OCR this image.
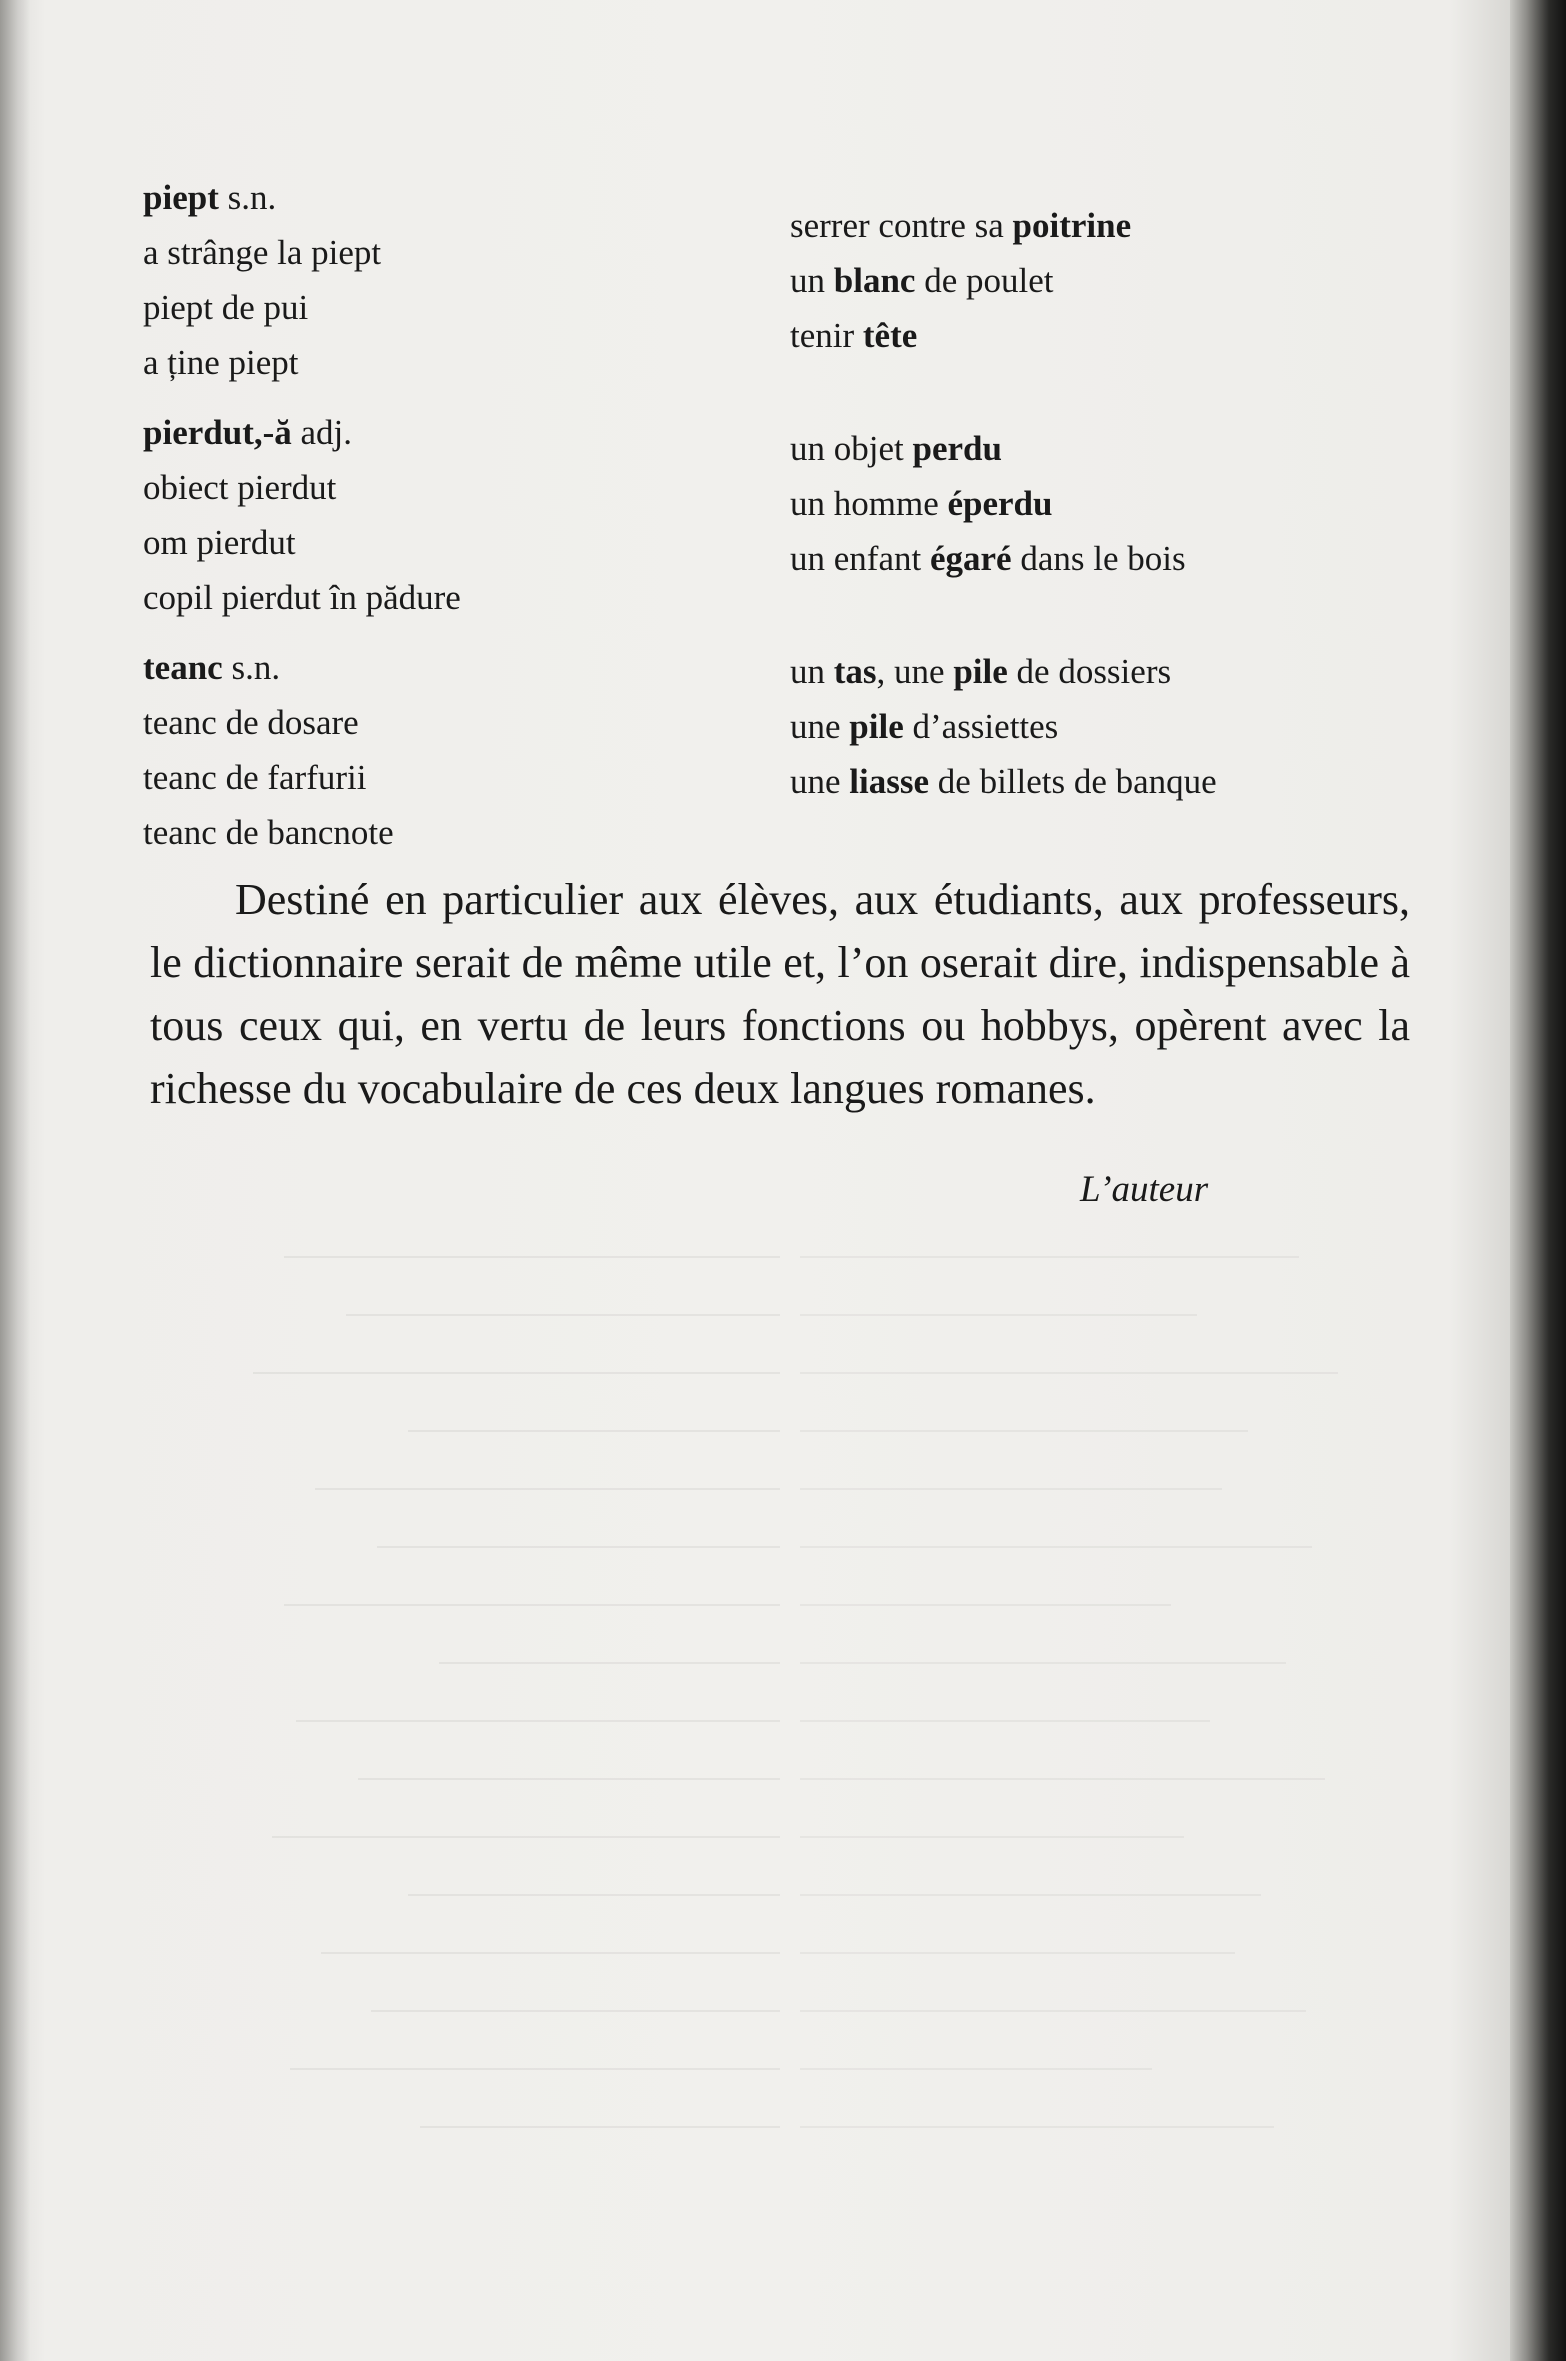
piept s.n.
a strânge la piept
piept de pui
a ține piept
pierdut,-ă adj.
obiect pierdut
om pierdut
copil pierdut în pădure
teanc s.n.
teanc de dosare
teanc de farfurii
teanc de bancnote
serrer contre sa poitrine
un blanc de poulet
tenir tête
un objet perdu
un homme éperdu
un enfant égaré dans le bois
un tas, une pile de dossiers
une pile d’assiettes
une liasse de billets de banque
Destiné en particulier aux élèves, aux étudiants, aux professeurs, le dictionnaire serait de même utile et, l’on oserait dire, indispensable à tous ceux qui, en vertu de leurs fonctions ou hobbys, opèrent avec la richesse du vocabulaire de ces deux langues romanes.
L’auteur
